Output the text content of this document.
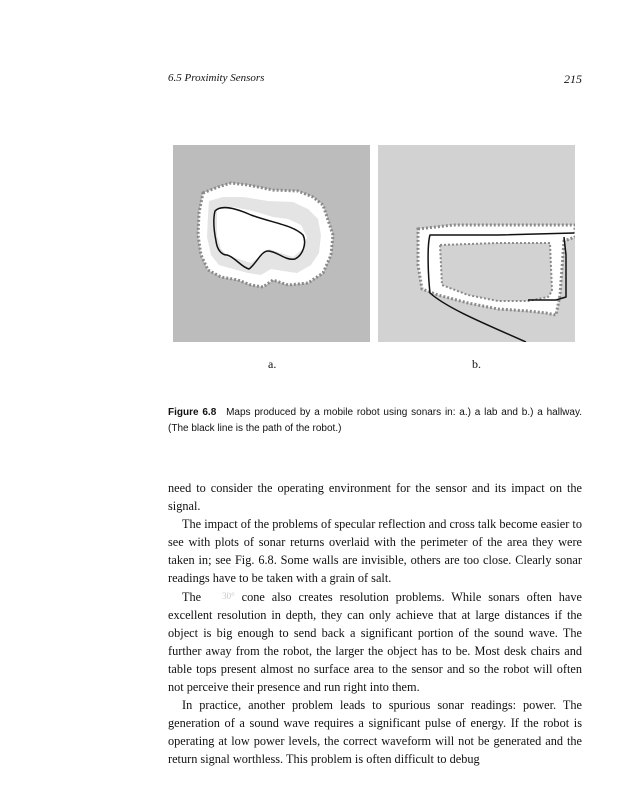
6.5 Proximity Sensors	215
a.	b.
Figure 6.8 Maps produced by a mobile robot using sonars in: a.) a lab and b.) a hallway. (The black line is the path of the robot.)

need to consider the operating environment for the sensor and its impact on the signal.

The impact of the problems of specular reflection and cross talk become easier to see with plots of sonar returns overlaid with the perimeter of the area they were taken in; see Fig. 6.8. Some walls are invisible, others are too close. Clearly sonar readings have to be taken with a grain of salt.

The 30° cone also creates resolution problems. While sonars often have excellent resolution in depth, they can only achieve that at large distances if the object is big enough to send back a significant portion of the sound wave. The further away from the robot, the larger the object has to be. Most desk chairs and table tops present almost no surface area to the sensor and so the robot will often not perceive their presence and run right into them.

In practice, another problem leads to spurious sonar readings: power. The generation of a sound wave requires a significant pulse of energy. If the robot is operating at low power levels, the correct waveform will not be generated and the return signal worthless. This problem is often difficult to debug
